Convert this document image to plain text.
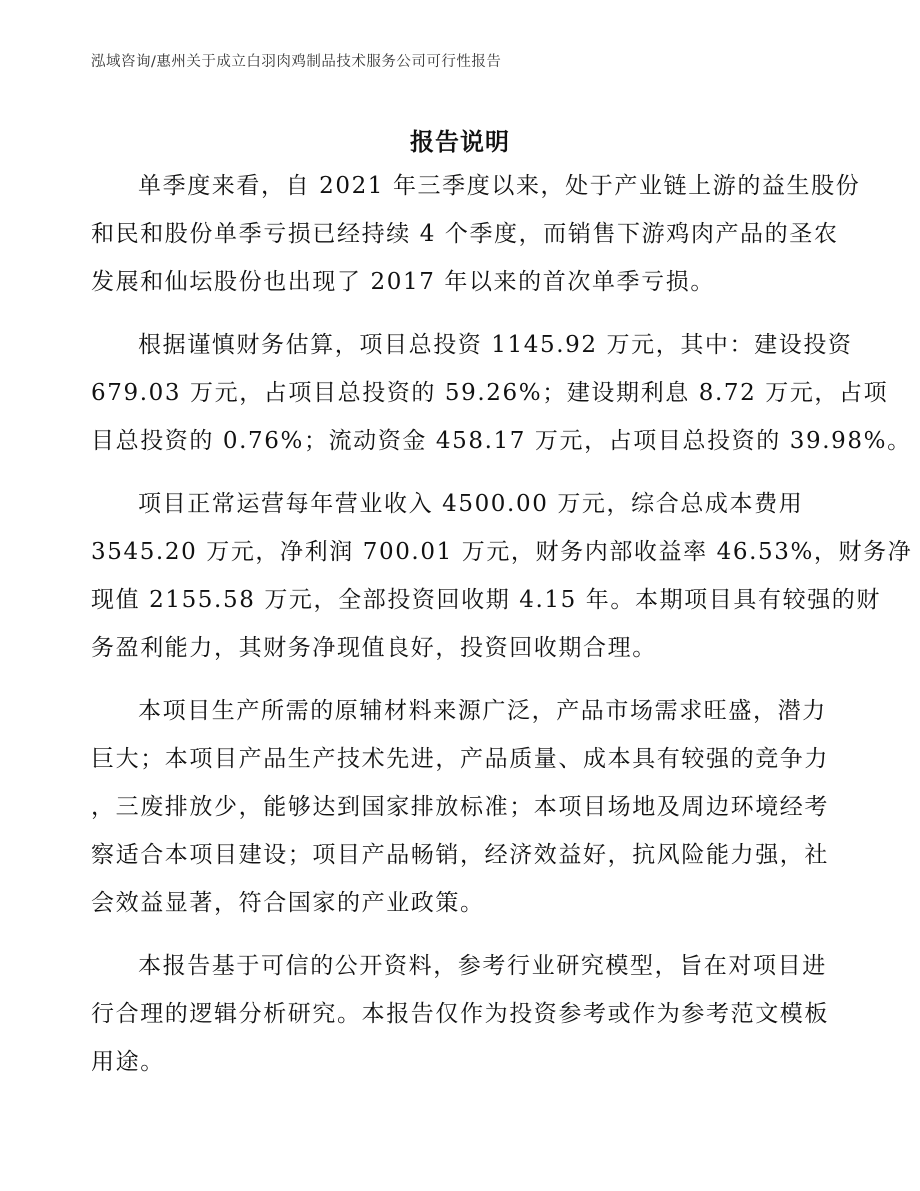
泓域咨询/惠州关于成立白羽肉鸡制品技术服务公司可行性报告
报告说明

单季度来看，自 2021 年三季度以来，处于产业链上游的益生股份
和民和股份单季亏损已经持续 4 个季度，而销售下游鸡肉产品的圣农
发展和仙坛股份也出现了 2017 年以来的首次单季亏损。

根据谨慎财务估算，项目总投资 1145.92 万元，其中：建设投资
679.03 万元，占项目总投资的 59.26%；建设期利息 8.72 万元，占项
目总投资的 0.76%；流动资金 458.17 万元，占项目总投资的 39.98%。

项目正常运营每年营业收入 4500.00 万元，综合总成本费用
3545.20 万元，净利润 700.01 万元，财务内部收益率 46.53%，财务净
现值 2155.58 万元，全部投资回收期 4.15 年。本期项目具有较强的财
务盈利能力，其财务净现值良好，投资回收期合理。

本项目生产所需的原辅材料来源广泛，产品市场需求旺盛，潜力
巨大；本项目产品生产技术先进，产品质量、成本具有较强的竞争力
，三废排放少，能够达到国家排放标准；本项目场地及周边环境经考
察适合本项目建设；项目产品畅销，经济效益好，抗风险能力强，社
会效益显著，符合国家的产业政策。

本报告基于可信的公开资料，参考行业研究模型，旨在对项目进
行合理的逻辑分析研究。本报告仅作为投资参考或作为参考范文模板
用途。
